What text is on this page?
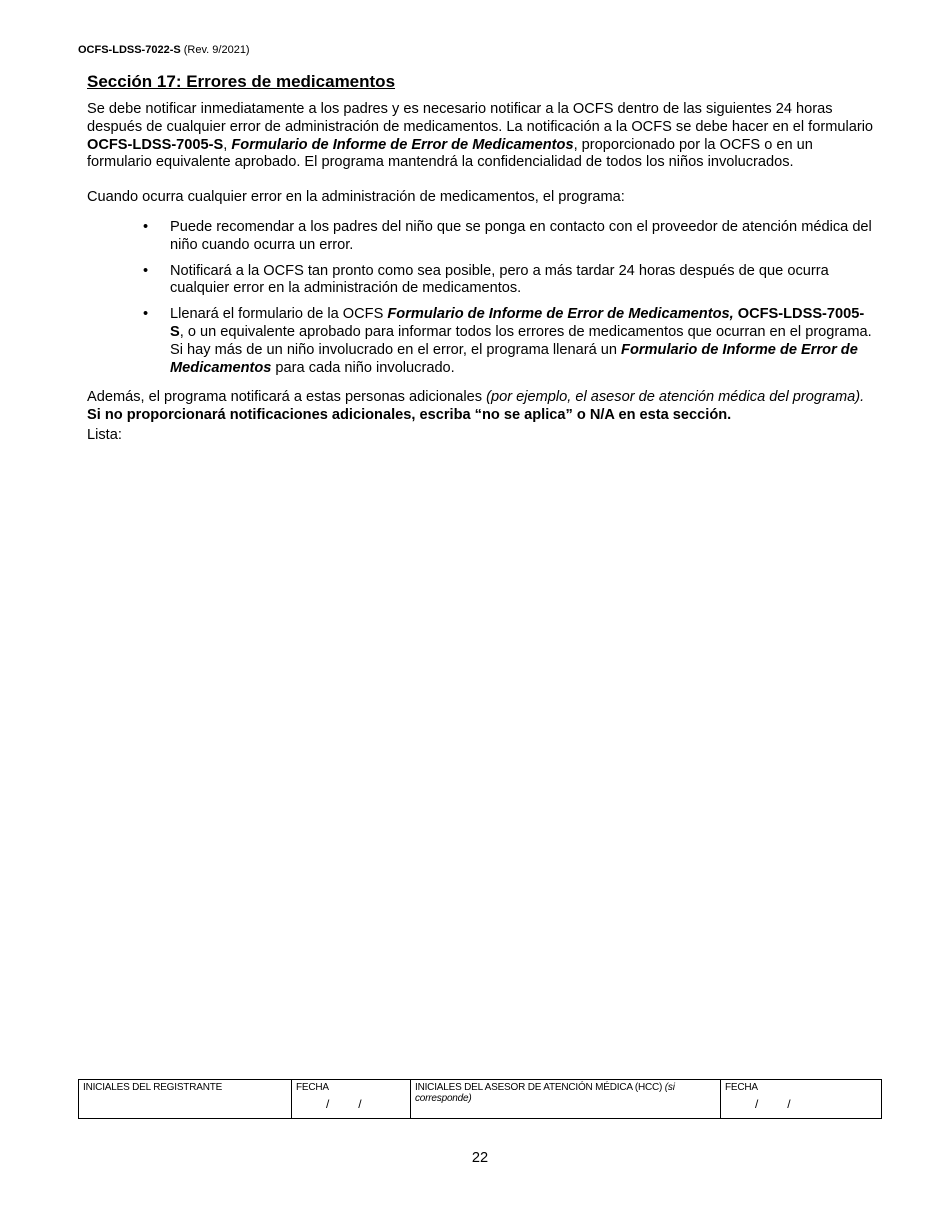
OCFS-LDSS-7022-S (Rev. 9/2021)
Sección 17: Errores de medicamentos

Se debe notificar inmediatamente a los padres y es necesario notificar a la OCFS dentro de las siguientes 24 horas después de cualquier error de administración de medicamentos. La notificación a la OCFS se debe hacer en el formulario OCFS-LDSS-7005-S, Formulario de Informe de Error de Medicamentos, proporcionado por la OCFS o en un formulario equivalente aprobado. El programa mantendrá la confidencialidad de todos los niños involucrados.

Cuando ocurra cualquier error en la administración de medicamentos, el programa:

• Puede recomendar a los padres del niño que se ponga en contacto con el proveedor de atención médica del niño cuando ocurra un error.
• Notificará a la OCFS tan pronto como sea posible, pero a más tardar 24 horas después de que ocurra cualquier error en la administración de medicamentos.
• Llenará el formulario de la OCFS Formulario de Informe de Error de Medicamentos, OCFS-LDSS-7005-S, o un equivalente aprobado para informar todos los errores de medicamentos que ocurran en el programa. Si hay más de un niño involucrado en el error, el programa llenará un Formulario de Informe de Error de Medicamentos para cada niño involucrado.

Además, el programa notificará a estas personas adicionales (por ejemplo, el asesor de atención médica del programa). Si no proporcionará notificaciones adicionales, escriba “no se aplica” o N/A en esta sección.

Lista:

INICIALES DEL REGISTRANTE	FECHA
/ /
INICIALES DEL ASESOR DE ATENCIÓN MÉDICA (HCC) (si corresponde)
FECHA
/ /
22
